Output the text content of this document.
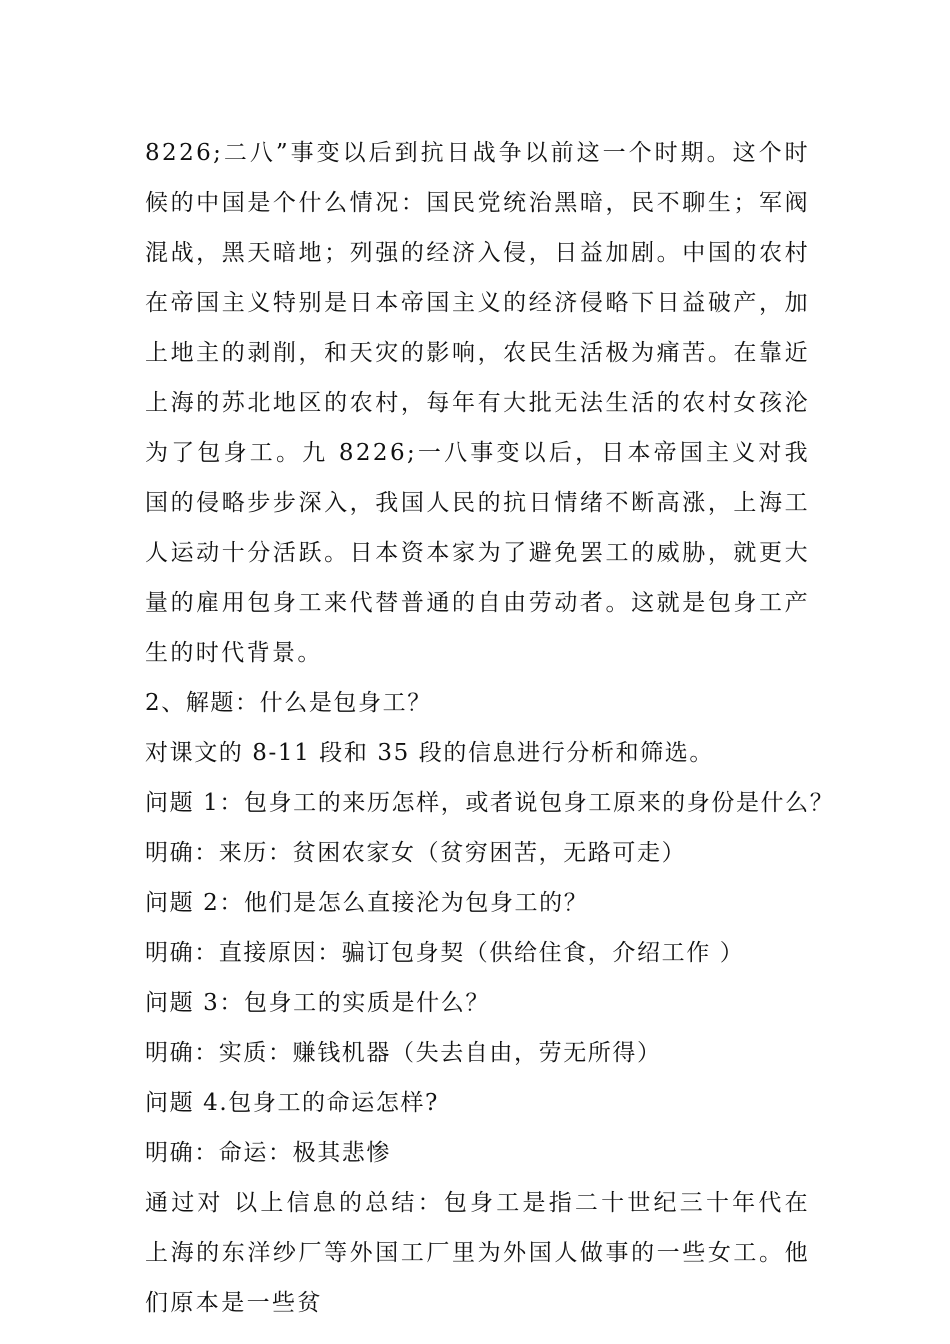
8226;二八”事变以后到抗日战争以前这一个时期。这个时候的中国是个什么情况：国民党统治黑暗，民不聊生；军阀混战，黑天暗地；列强的经济入侵，日益加剧。中国的农村在帝国主义特别是日本帝国主义的经济侵略下日益破产，加上地主的剥削，和天灾的影响，农民生活极为痛苦。在靠近上海的苏北地区的农村，每年有大批无法生活的农村女孩沦为了包身工。九 8226;一八事变以后，日本帝国主义对我国的侵略步步深入，我国人民的抗日情绪不断高涨，上海工人运动十分活跃。日本资本家为了避免罢工的威胁，就更大量的雇用包身工来代替普通的自由劳动者。这就是包身工产生的时代背景。

2、解题：什么是包身工？

对课文的 8-11 段和 35 段的信息进行分析和筛选。

问题 1：包身工的来历怎样，或者说包身工原来的身份是什么？

明确：来历：贫困农家女（贫穷困苦，无路可走）

问题 2：他们是怎么直接沦为包身工的？

明确：直接原因：骗订包身契（供给住食，介绍工作 ）

问题 3：包身工的实质是什么？

明确：实质：赚钱机器（失去自由，劳无所得）

问题 4.包身工的命运怎样?

明确：命运：极其悲惨

通过对 以上信息的总结：包身工是指二十世纪三十年代在上海的东洋纱厂等外国工厂里为外国人做事的一些女工。他们原本是一些贫
